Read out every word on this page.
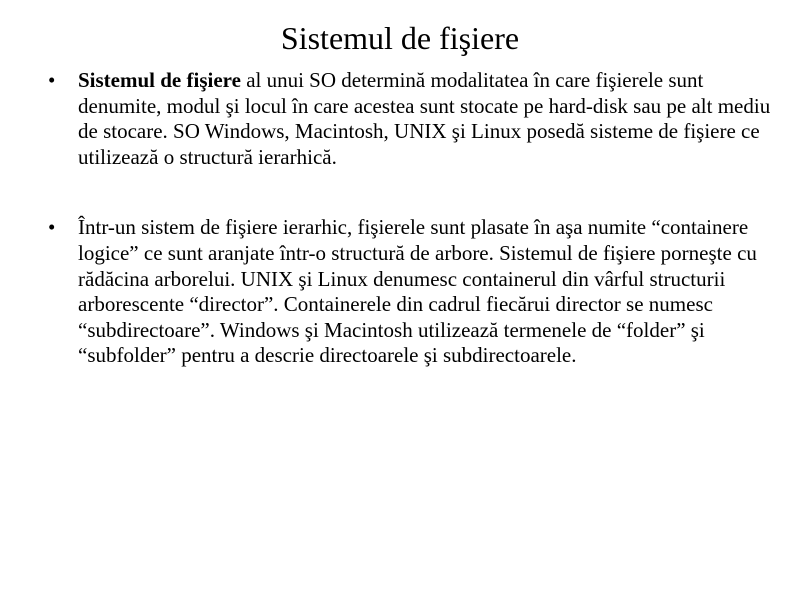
Sistemul de fişiere
• Sistemul de fişiere al unui SO determină modalitatea în care fişierele sunt denumite, modul şi locul în care acestea sunt stocate pe hard-disk sau pe alt mediu de stocare. SO Windows, Macintosh, UNIX şi Linux posedă sisteme de fişiere ce utilizează o structură ierarhică.
• Într-un sistem de fişiere ierarhic, fişierele sunt plasate în aşa numite “containere logice” ce sunt aranjate într-o structură de arbore. Sistemul de fişiere porneşte cu rădăcina arborelui. UNIX şi Linux denumesc containerul din vârful structurii arborescente “director”. Containerele din cadrul fiecărui director se numesc “subdirectoare”. Windows şi Macintosh utilizează termenele de “folder” şi “subfolder” pentru a descrie directoarele şi subdirectoarele.
